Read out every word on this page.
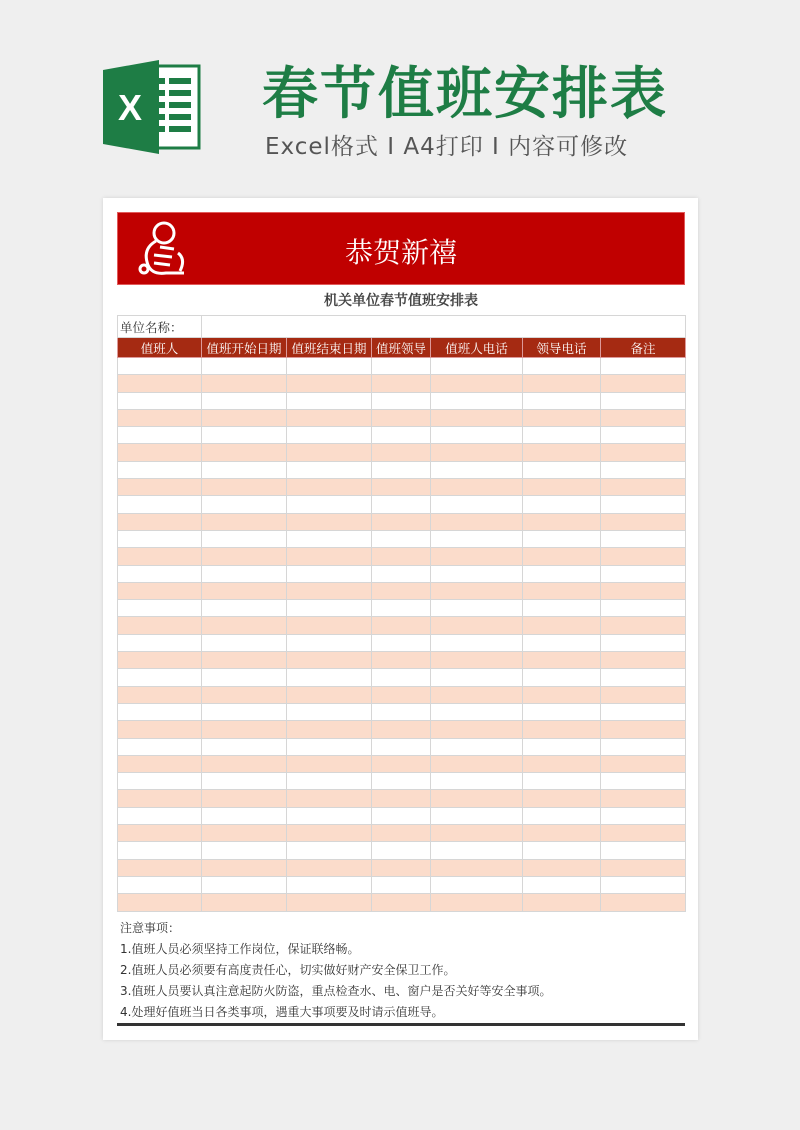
X 春节值班安排表
Excel格式 I A4打印 I 内容可修改
恭贺新禧
机关单位春节值班安排表
单位名称：						
值班人	值班开始日期	值班结束日期	值班领导	值班人电话	领导电话	备注

注意事项：
1.值班人员必须坚持工作岗位，保证联络畅。
2.值班人员必须要有高度责任心，切实做好财产安全保卫工作。
3.值班人员要认真注意起防火防盗，重点检查水、电、窗户是否关好等安全事项。
4.处理好值班当日各类事项，遇重大事项要及时请示值班导。
